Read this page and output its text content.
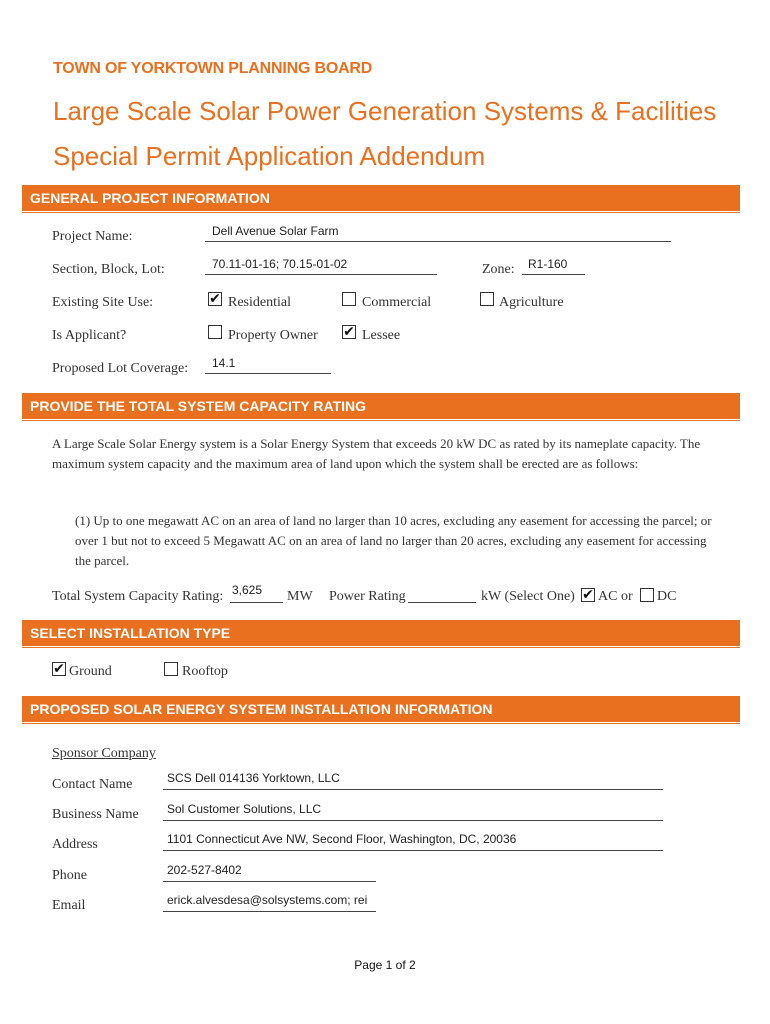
TOWN OF YORKTOWN PLANNING BOARD
Large Scale Solar Power Generation Systems & Facilities
Special Permit Application Addendum
GENERAL PROJECT INFORMATION
Project Name:	Dell Avenue Solar Farm
Section, Block, Lot:	70.11-01-16; 70.15-01-02	Zone: R1-160
Existing Site Use:	✔ Residential	Commercial	Agriculture
Is Applicant?	Property Owner ✔ Lessee
Proposed Lot Coverage: 14.1
PROVIDE THE TOTAL SYSTEM CAPACITY RATING
A Large Scale Solar Energy system is a Solar Energy System that exceeds 20 kW DC as rated by its nameplate capacity. The maximum system capacity and the maximum area of land upon which the system shall be erected are as follows:
(1) Up to one megawatt AC on an area of land no larger than 10 acres, excluding any easement for accessing the parcel; or over 1 but not to exceed 5 Megawatt AC on an area of land no larger than 20 acres, excluding any easement for accessing the parcel.
Total System Capacity Rating: 3,625 MW Power Rating	kW (Select One) ✔ AC or DC
SELECT INSTALLATION TYPE
✔ Ground	Rooftop
PROPOSED SOLAR ENERGY SYSTEM INSTALLATION INFORMATION
Sponsor Company
Contact Name	SCS Dell 014136 Yorktown, LLC
Business Name Sol Customer Solutions, LLC
Address	1101 Connecticut Ave NW, Second Floor, Washington, DC, 20036
Phone	202-527-8402
Email	erick.alvesdesa@solsystems.com; rei
Page 1 of 2
